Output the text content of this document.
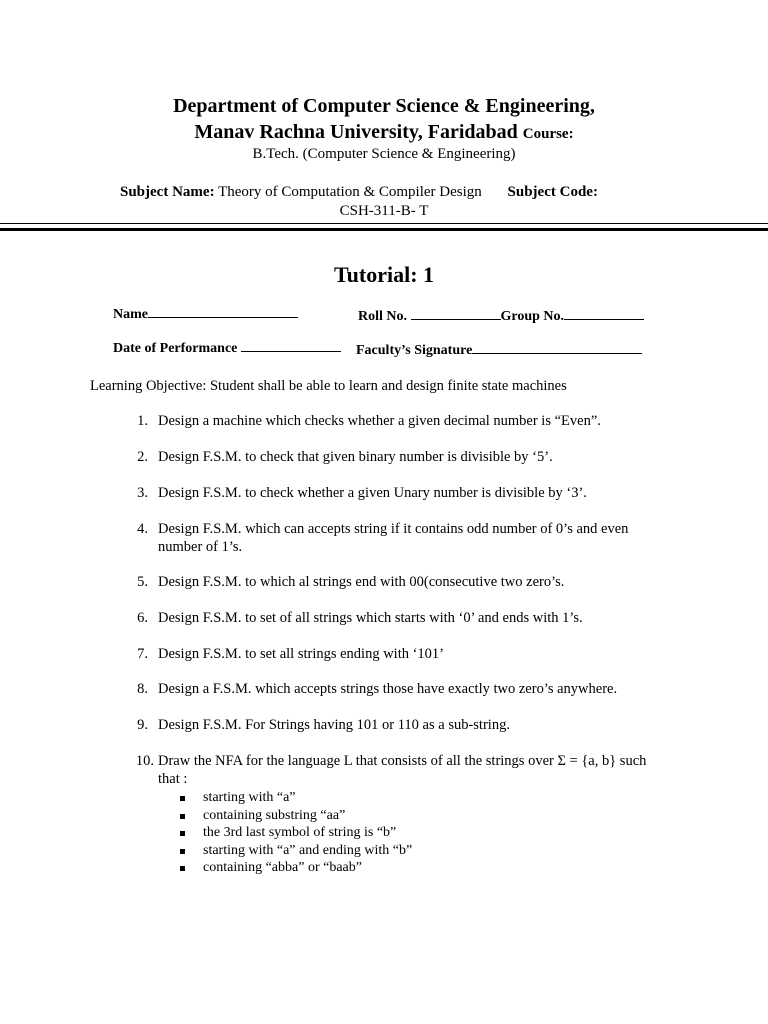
Department of Computer Science & Engineering,
Manav Rachna University, Faridabad Course:
B.Tech. (Computer Science & Engineering)
Subject Name: Theory of Computation & Compiler Design Subject Code:
CSH-311-B- T
Tutorial: 1
Name	Roll No.	Group No.
Date of Performance	Faculty’s Signature
Learning Objective: Student shall be able to learn and design finite state machines
1. Design a machine which checks whether a given decimal number is “Even”.
2. Design F.S.M. to check that given binary number is divisible by ‘5’.
3. Design F.S.M. to check whether a given Unary number is divisible by ‘3’.
4. Design F.S.M. which can accepts string if it contains odd number of 0’s and even number of 1’s.
5. Design F.S.M. to which al strings end with 00(consecutive two zero’s.
6. Design F.S.M. to set of all strings which starts with ‘0’ and ends with 1’s.
7. Design F.S.M. to set all strings ending with ‘101’
8. Design a F.S.M. which accepts strings those have exactly two zero’s anywhere.
9. Design F.S.M. For Strings having 101 or 110 as a sub-string.
10. Draw the NFA for the language L that consists of all the strings over Σ = {a, b} such that :
starting with “a”
containing substring “aa”
the 3rd last symbol of string is “b”
starting with “a” and ending with “b”
containing “abba” or “baab”
